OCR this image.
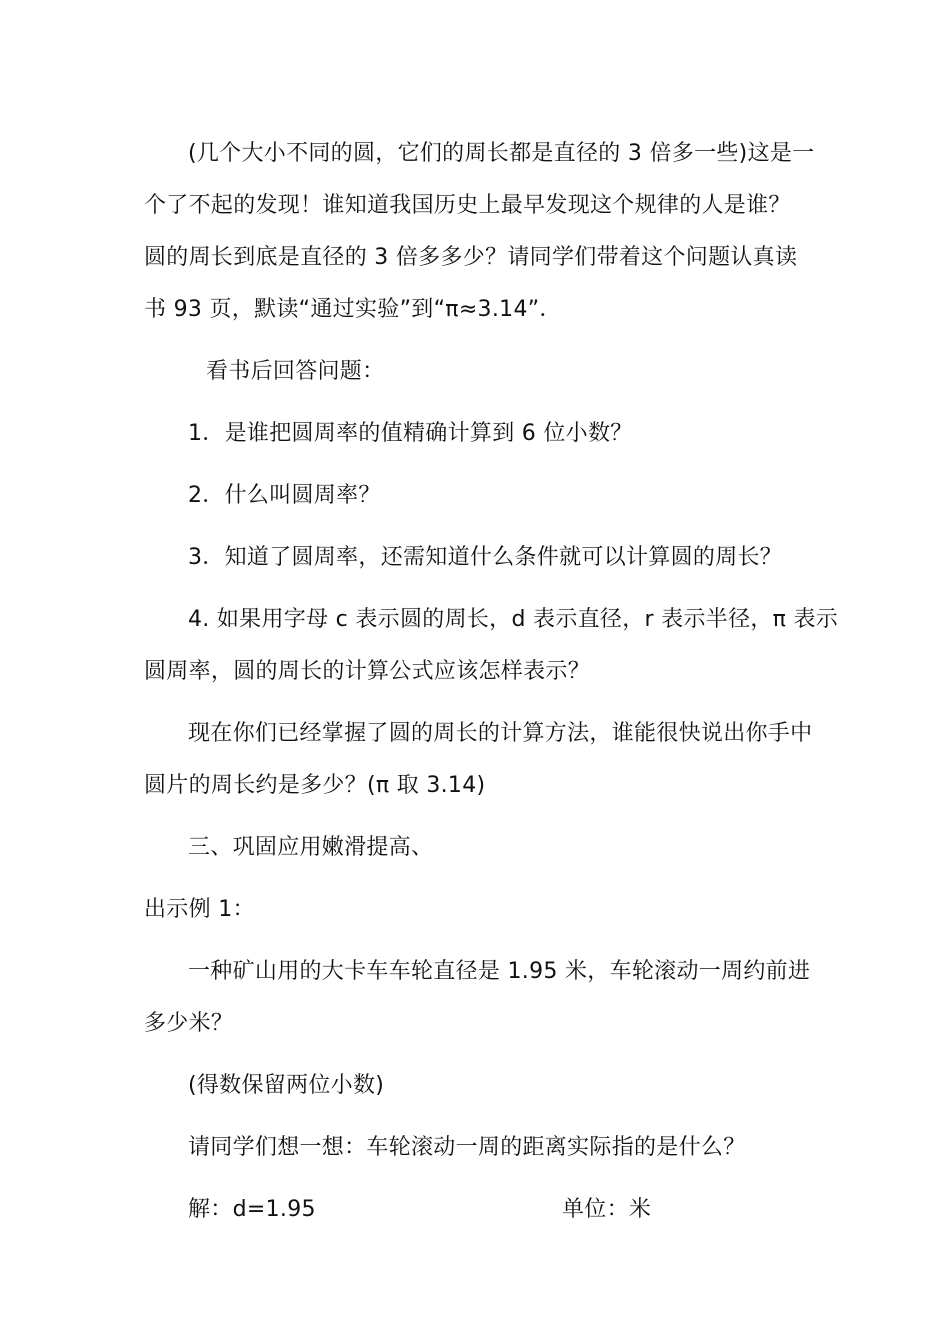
(几个大小不同的圆，它们的周长都是直径的 3 倍多一些)这是一
个了不起的发现！谁知道我国历史上最早发现这个规律的人是谁？
圆的周长到底是直径的 3 倍多多少？请同学们带着这个问题认真读
书 93 页，默读“通过实验”到“π≈3.14”．
看书后回答问题：
1．是谁把圆周率的值精确计算到 6 位小数？
2．什么叫圆周率？
3．知道了圆周率，还需知道什么条件就可以计算圆的周长？
4. 如果用字母 c 表示圆的周长，d 表示直径，r 表示半径，π 表示
圆周率，圆的周长的计算公式应该怎样表示？
现在你们已经掌握了圆的周长的计算方法，谁能很快说出你手中
圆片的周长约是多少？(π 取 3.14)
三、巩固应用嫩滑提高、
出示例 1：
一种矿山用的大卡车车轮直径是 1.95 米，车轮滚动一周约前进
多少米？
(得数保留两位小数)
请同学们想一想：车轮滚动一周的距离实际指的是什么？
解：d=1.95	单位：米
